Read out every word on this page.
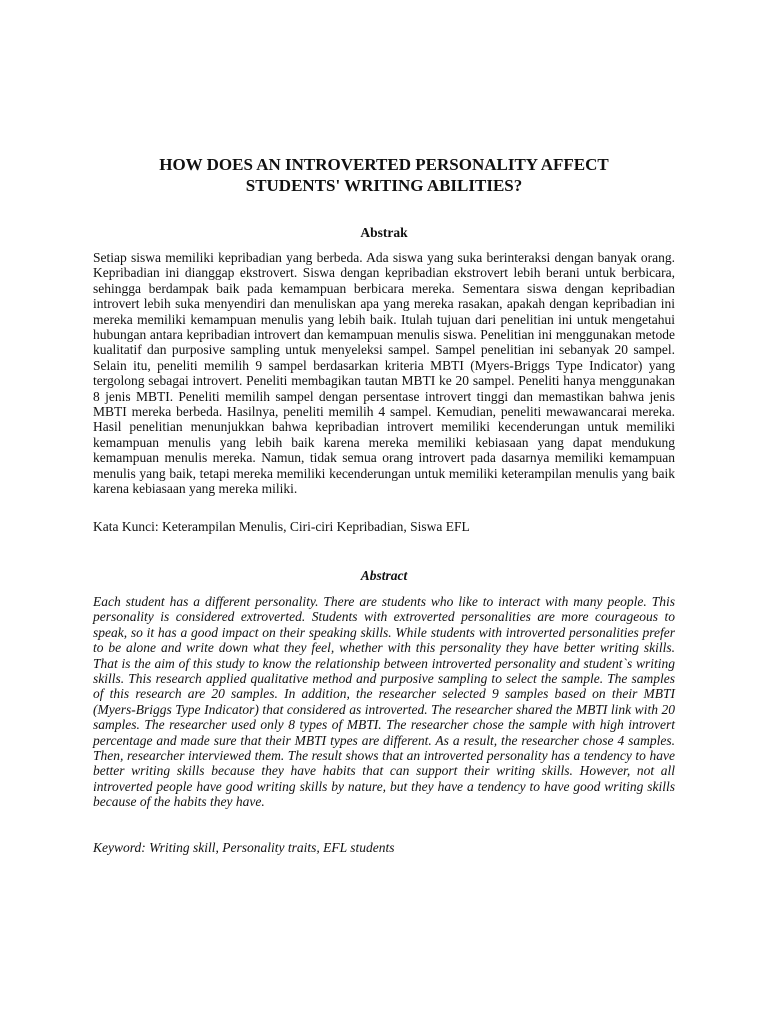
HOW DOES AN INTROVERTED PERSONALITY AFFECT
STUDENTS' WRITING ABILITIES?
Abstrak

Setiap siswa memiliki kepribadian yang berbeda. Ada siswa yang suka berinteraksi dengan banyak orang. Kepribadian ini dianggap ekstrovert. Siswa dengan kepribadian ekstrovert lebih berani untuk berbicara, sehingga berdampak baik pada kemampuan berbicara mereka. Sementara siswa dengan kepribadian introvert lebih suka menyendiri dan menuliskan apa yang mereka rasakan, apakah dengan kepribadian ini mereka memiliki kemampuan menulis yang lebih baik. Itulah tujuan dari penelitian ini untuk mengetahui hubungan antara kepribadian introvert dan kemampuan menulis siswa. Penelitian ini menggunakan metode kualitatif dan purposive sampling untuk menyeleksi sampel. Sampel penelitian ini sebanyak 20 sampel. Selain itu, peneliti memilih 9 sampel berdasarkan kriteria MBTI (Myers-Briggs Type Indicator) yang tergolong sebagai introvert. Peneliti membagikan tautan MBTI ke 20 sampel. Peneliti hanya menggunakan 8 jenis MBTI. Peneliti memilih sampel dengan persentase introvert tinggi dan memastikan bahwa jenis MBTI mereka berbeda. Hasilnya, peneliti memilih 4 sampel. Kemudian, peneliti mewawancarai mereka. Hasil penelitian menunjukkan bahwa kepribadian introvert memiliki kecenderungan untuk memiliki kemampuan menulis yang lebih baik karena mereka memiliki kebiasaan yang dapat mendukung kemampuan menulis mereka. Namun, tidak semua orang introvert pada dasarnya memiliki kemampuan menulis yang baik, tetapi mereka memiliki kecenderungan untuk memiliki keterampilan menulis yang baik karena kebiasaan yang mereka miliki.

Kata Kunci: Keterampilan Menulis, Ciri-ciri Kepribadian, Siswa EFL

Abstract

Each student has a different personality. There are students who like to interact with many people. This personality is considered extroverted. Students with extroverted personalities are more courageous to speak, so it has a good impact on their speaking skills. While students with introverted personalities prefer to be alone and write down what they feel, whether with this personality they have better writing skills. That is the aim of this study to know the relationship between introverted personality and student`s writing skills. This research applied qualitative method and purposive sampling to select the sample. The samples of this research are 20 samples. In addition, the researcher selected 9 samples based on their MBTI (Myers-Briggs Type Indicator) that considered as introverted. The researcher shared the MBTI link with 20 samples. The researcher used only 8 types of MBTI. The researcher chose the sample with high introvert percentage and made sure that their MBTI types are different. As a result, the researcher chose 4 samples. Then, researcher interviewed them. The result shows that an introverted personality has a tendency to have better writing skills because they have habits that can support their writing skills. However, not all introverted people have good writing skills by nature, but they have a tendency to have good writing skills because of the habits they have.

Keyword: Writing skill, Personality traits, EFL students
